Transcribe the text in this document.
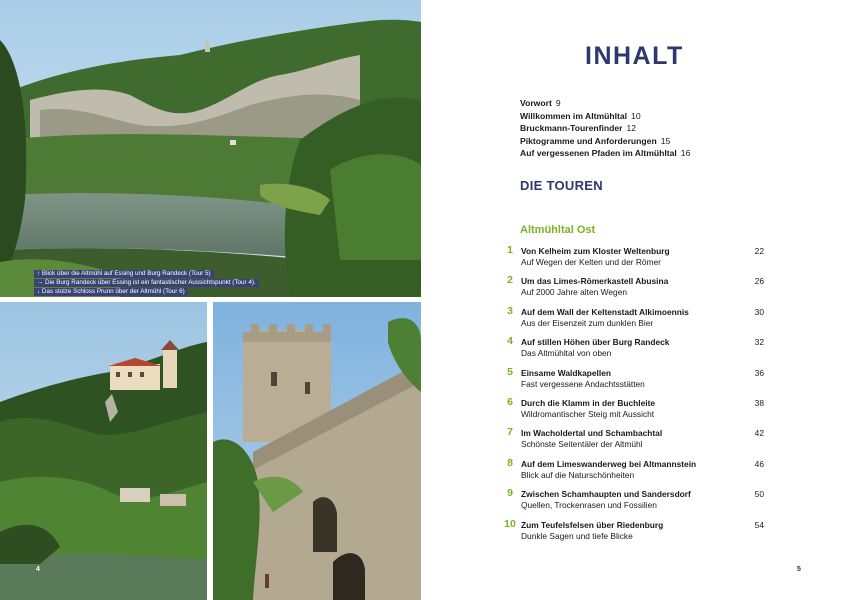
↑ Blick über die Altmühl auf Essing und Burg Randeck (Tour 5)
→ Die Burg Randeck über Essing ist ein fantastischer Aussichtspunkt (Tour 4).
↓ Das stolze Schloss Prunn über der Altmühl (Tour 6)
4
INHALT
Vorwort 9
Willkommen im Altmühltal 10
Bruckmann-Tourenfinder 12
Piktogramme und Anforderungen 15
Auf vergessenen Pfaden im Altmühltal 16
DIE TOUREN
Altmühltal Ost
1 Von Kelheim zum Kloster Weltenburg
Auf Wegen der Kelten und der Römer
22
2 Um das Limes-Römerkastell Abusina
Auf 2000 Jahre alten Wegen
26
3 Auf dem Wall der Keltenstadt Alkimoennis
Aus der Eisenzeit zum dunklen Bier
30
4 Auf stillen Höhen über Burg Randeck
Das Altmühltal von oben
32
5 Einsame Waldkapellen
Fast vergessene Andachtsstätten
36
6 Durch die Klamm in der Buchleite
Wildromantischer Steig mit Aussicht
38
7 Im Wacholdertal und Schambachtal
Schönste Seitentäler der Altmühl
42
8 Auf dem Limeswanderweg bei Altmannstein
Blick auf die Naturschönheiten
46
9 Zwischen Schamhaupten und Sandersdorf
Quellen, Trockenrasen und Fossilien
50
10 Zum Teufelsfelsen über Riedenburg
Dunkle Sagen und tiefe Blicke
54
5
